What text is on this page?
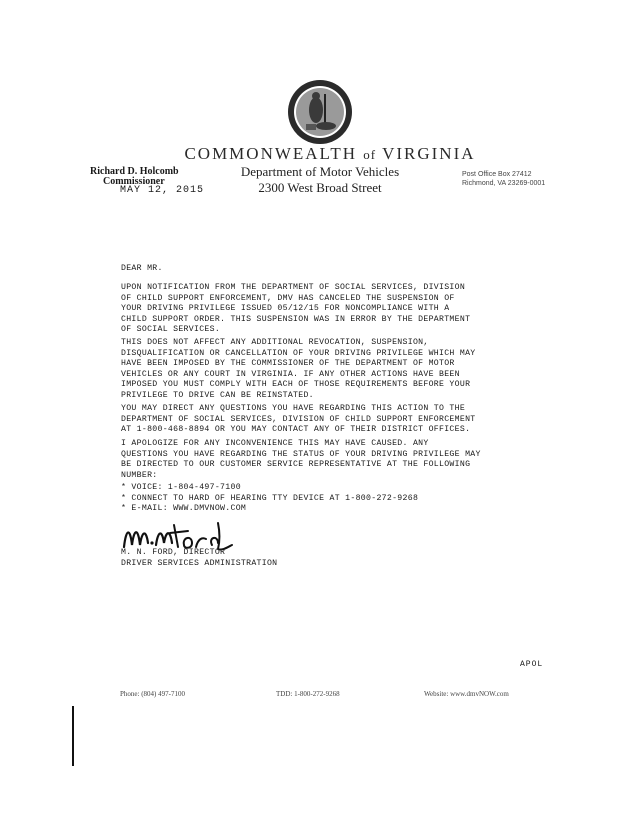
COMMONWEALTH of VIRGINIA
Richard D. Holcomb
Commissioner
MAY 12, 2015
Department of Motor Vehicles
2300 West Broad Street
Post Office Box 27412
Richmond, VA 23269-0001
DEAR MR.
UPON NOTIFICATION FROM THE DEPARTMENT OF SOCIAL SERVICES, DIVISION
OF CHILD SUPPORT ENFORCEMENT, DMV HAS CANCELED THE SUSPENSION OF
YOUR DRIVING PRIVILEGE ISSUED 05/12/15 FOR NONCOMPLIANCE WITH A
CHILD SUPPORT ORDER. THIS SUSPENSION WAS IN ERROR BY THE DEPARTMENT
OF SOCIAL SERVICES.
THIS DOES NOT AFFECT ANY ADDITIONAL REVOCATION, SUSPENSION,
DISQUALIFICATION OR CANCELLATION OF YOUR DRIVING PRIVILEGE WHICH MAY
HAVE BEEN IMPOSED BY THE COMMISSIONER OF THE DEPARTMENT OF MOTOR
VEHICLES OR ANY COURT IN VIRGINIA. IF ANY OTHER ACTIONS HAVE BEEN
IMPOSED YOU MUST COMPLY WITH EACH OF THOSE REQUIREMENTS BEFORE YOUR
PRIVILEGE TO DRIVE CAN BE REINSTATED.
YOU MAY DIRECT ANY QUESTIONS YOU HAVE REGARDING THIS ACTION TO THE
DEPARTMENT OF SOCIAL SERVICES, DIVISION OF CHILD SUPPORT ENFORCEMENT
AT 1-800-468-8894 OR YOU MAY CONTACT ANY OF THEIR DISTRICT OFFICES.
I APOLOGIZE FOR ANY INCONVENIENCE THIS MAY HAVE CAUSED. ANY
QUESTIONS YOU HAVE REGARDING THE STATUS OF YOUR DRIVING PRIVILEGE MAY
BE DIRECTED TO OUR CUSTOMER SERVICE REPRESENTATIVE AT THE FOLLOWING
NUMBER:
* VOICE: 1-804-497-7100
* CONNECT TO HARD OF HEARING TTY DEVICE AT 1-800-272-9268
* E-MAIL: WWW.DMVNOW.COM
M. N. FORD, DIRECTOR
DRIVER SERVICES ADMINISTRATION
APOL
Phone: (804) 497-7100	TDD: 1-800-272-9268	Website: www.dmvNOW.com
